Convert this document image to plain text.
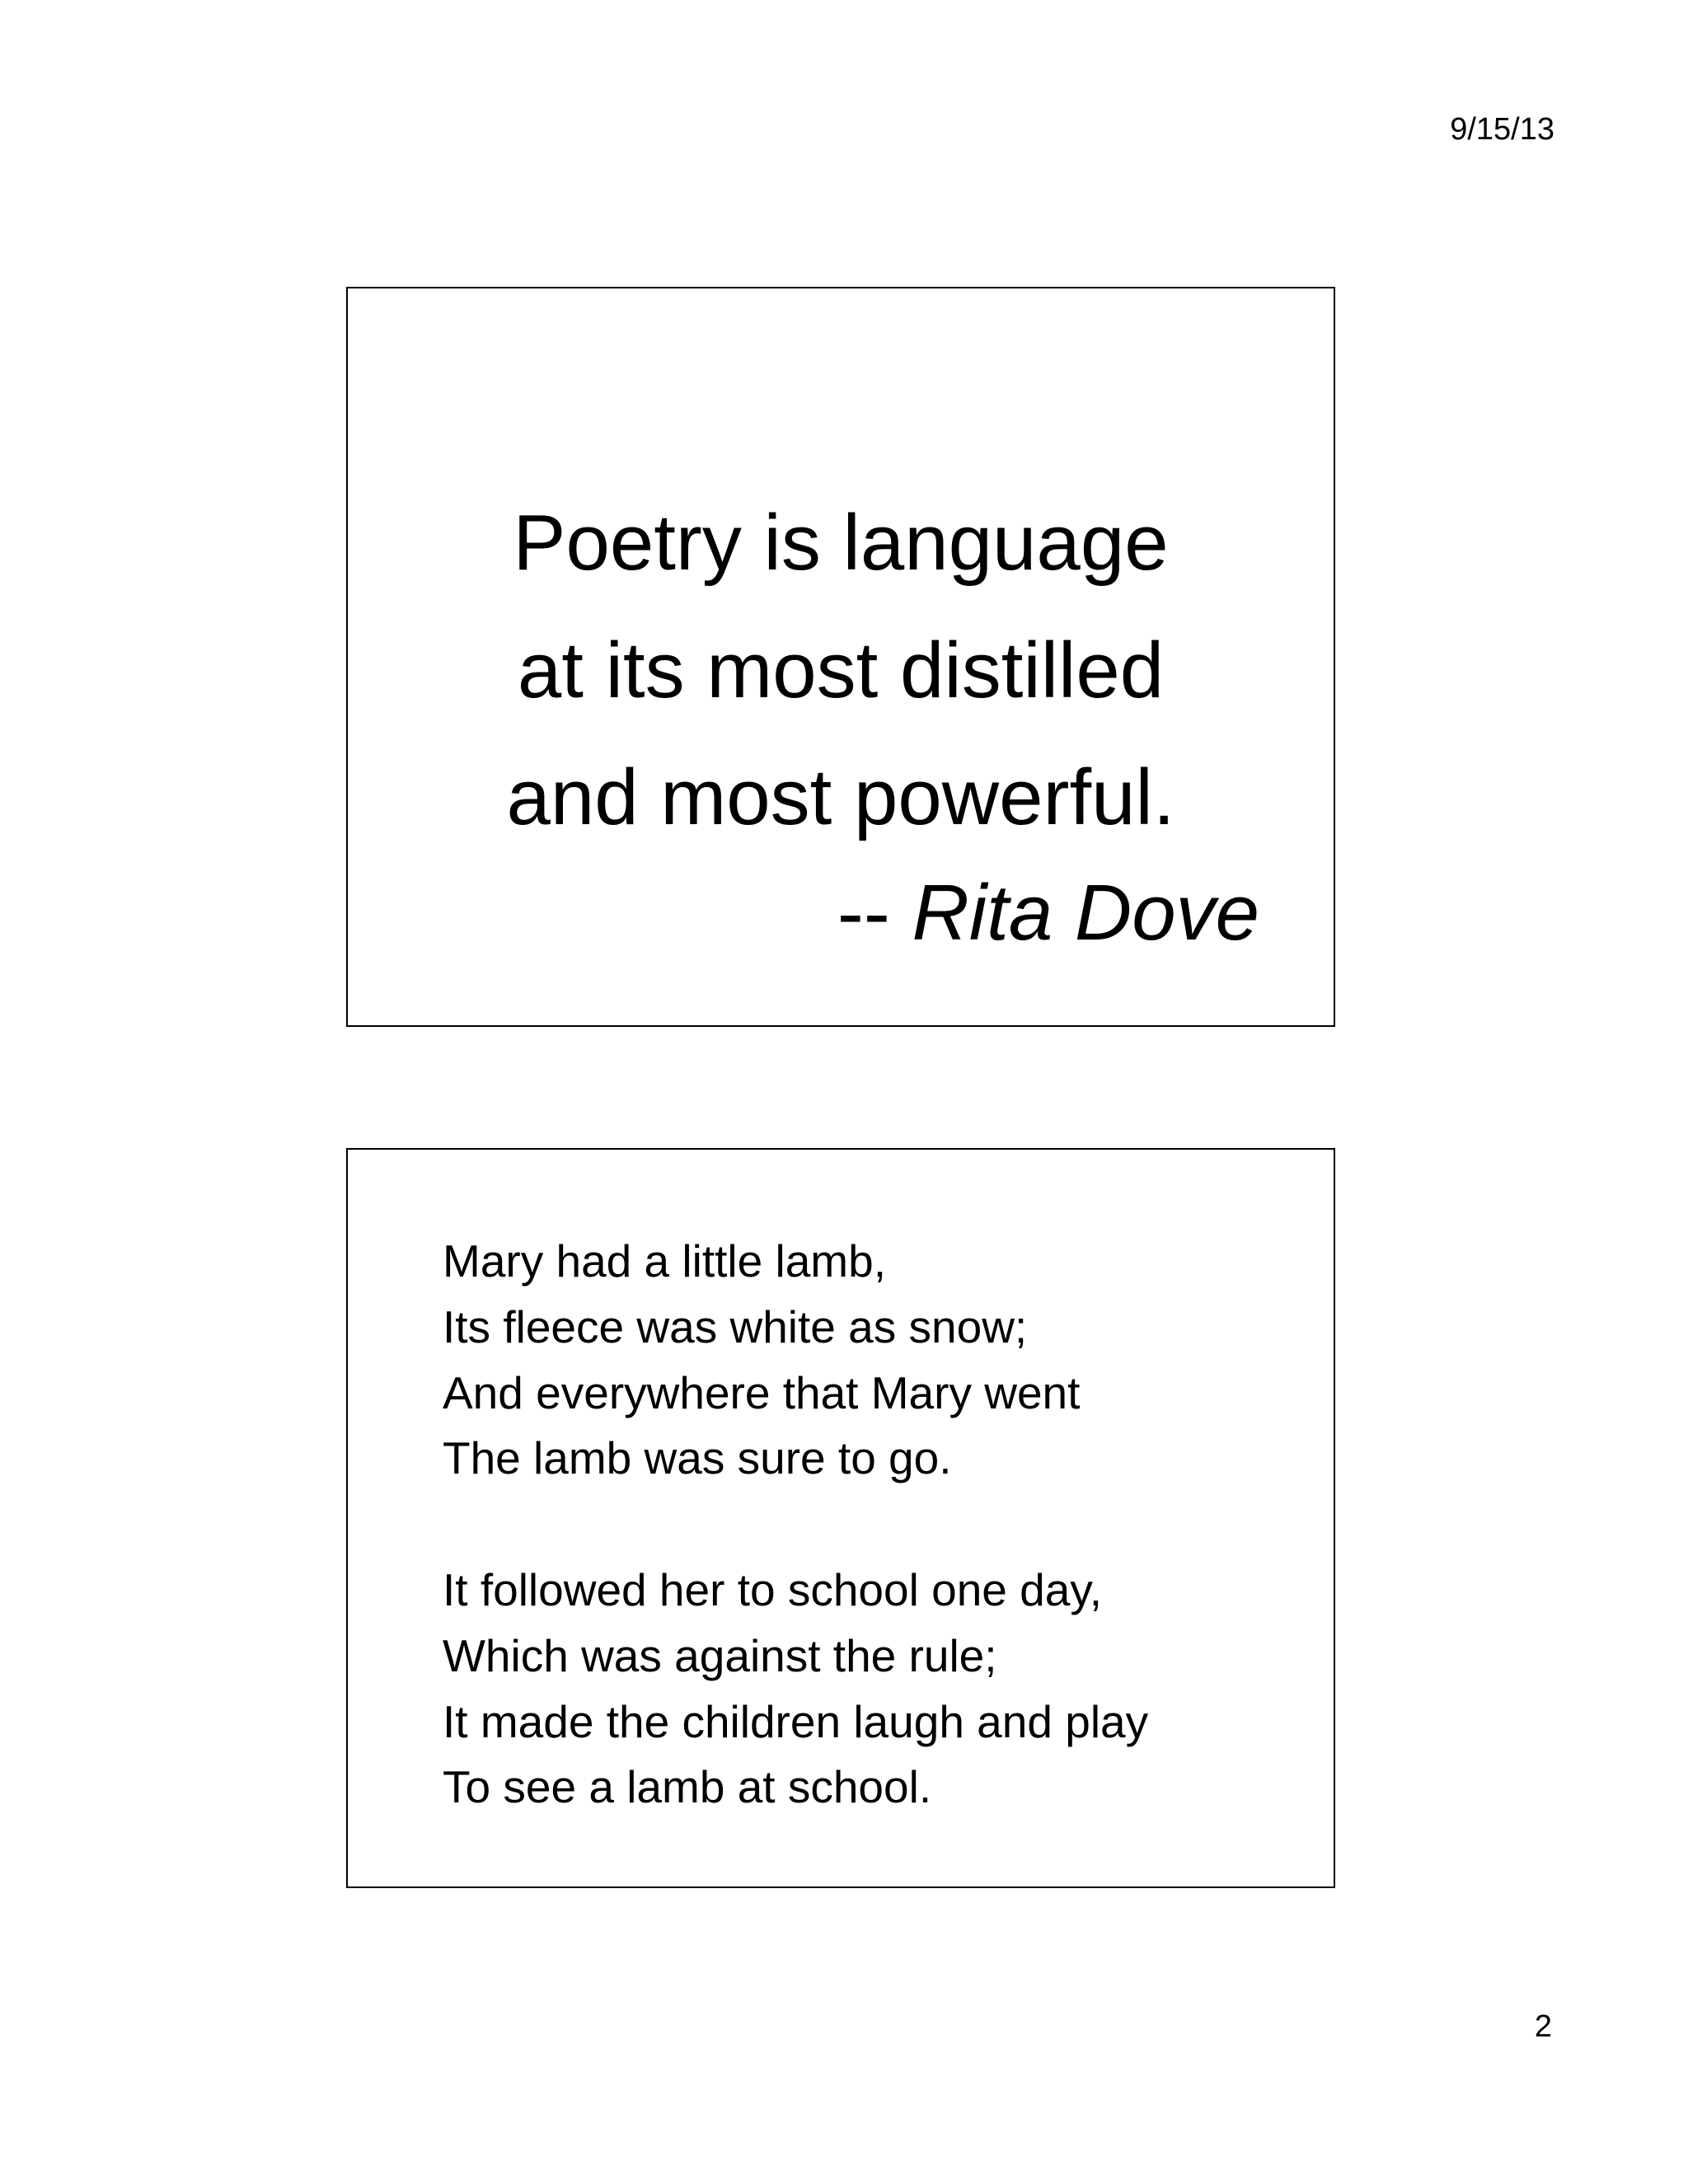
9/15/13
Poetry is language
at its most distilled
and most powerful.
-- Rita Dove
Mary had a little lamb,
Its fleece was white as snow;
And everywhere that Mary went
The lamb was sure to go.
It followed her to school one day,
Which was against the rule;
It made the children laugh and play
To see a lamb at school.
2
